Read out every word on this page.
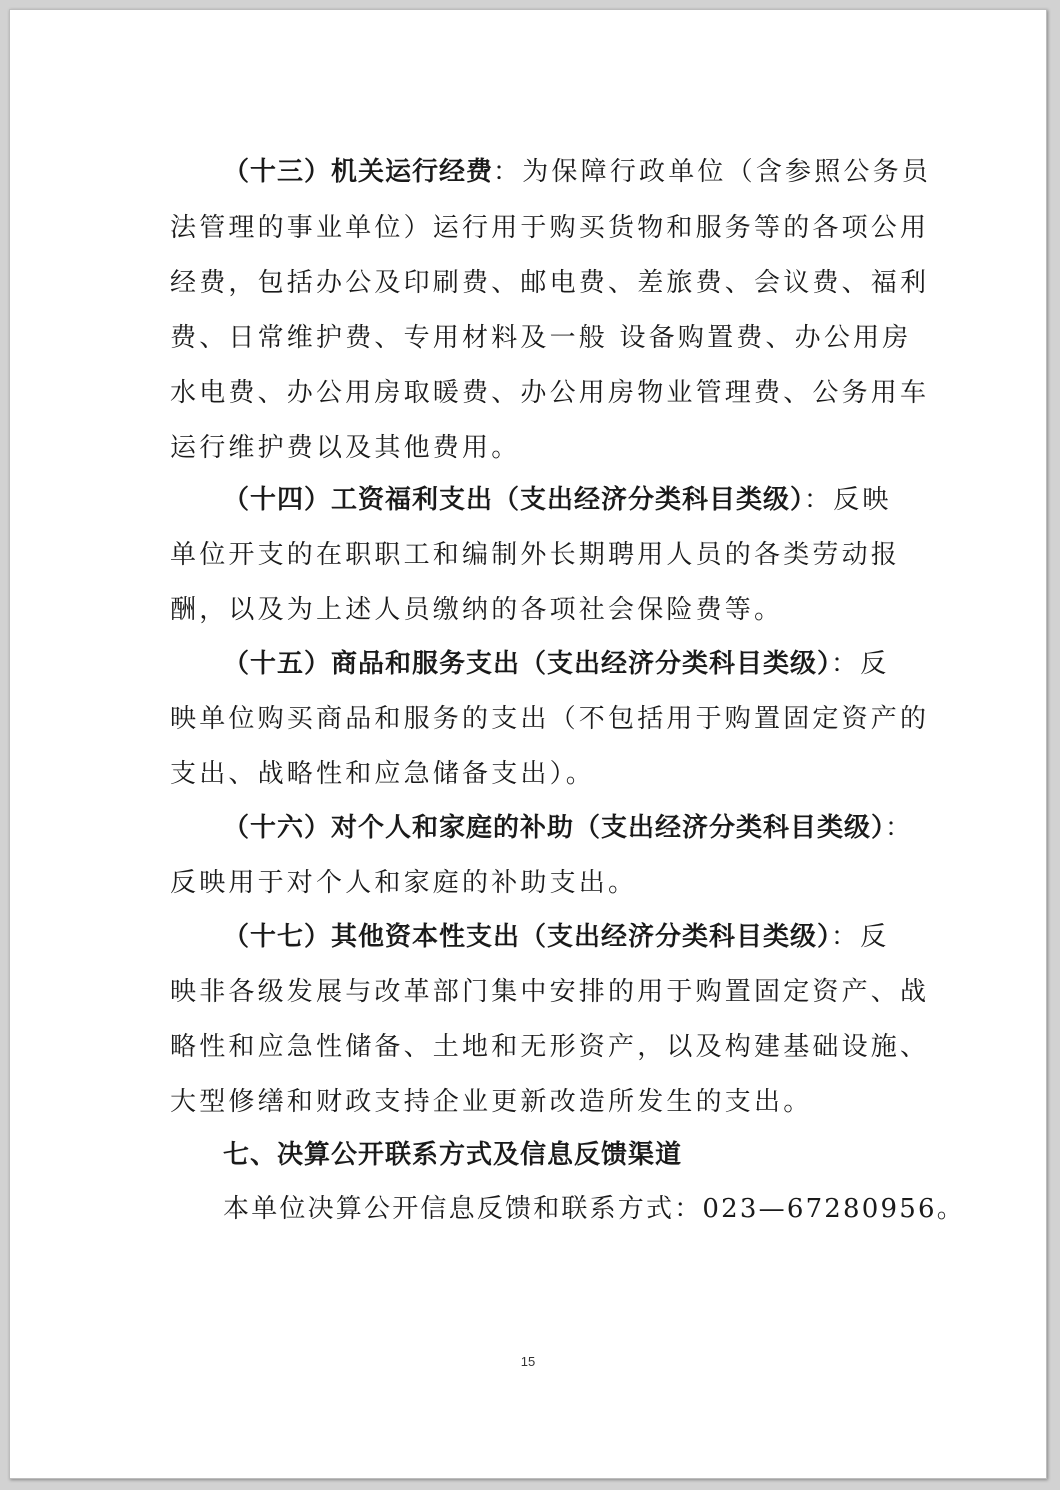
（十三）机关运行经费：为保障行政单位（含参照公务员
法管理的事业单位）运行用于购买货物和服务等的各项公用
经费，包括办公及印刷费、邮电费、差旅费、会议费、福利
费、日常维护费、专用材料及一般 设备购置费、办公用房
水电费、办公用房取暖费、办公用房物业管理费、公务用车
运行维护费以及其他费用。
（十四）工资福利支出（支出经济分类科目类级）：反映
单位开支的在职职工和编制外长期聘用人员的各类劳动报
酬，以及为上述人员缴纳的各项社会保险费等。
（十五）商品和服务支出（支出经济分类科目类级）：反
映单位购买商品和服务的支出（不包括用于购置固定资产的
支出、战略性和应急储备支出）。
（十六）对个人和家庭的补助（支出经济分类科目类级）：
反映用于对个人和家庭的补助支出。
（十七）其他资本性支出（支出经济分类科目类级）：反
映非各级发展与改革部门集中安排的用于购置固定资产、战
略性和应急性储备、土地和无形资产，以及构建基础设施、
大型修缮和财政支持企业更新改造所发生的支出。
七、决算公开联系方式及信息反馈渠道
本单位决算公开信息反馈和联系方式：023—67280956。
15
